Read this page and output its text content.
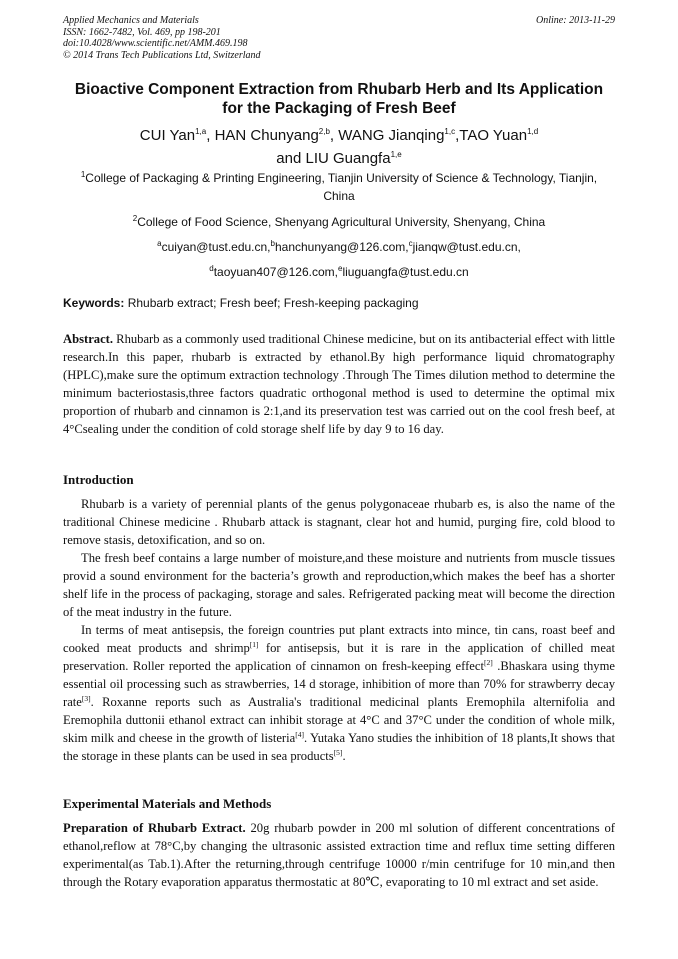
Applied Mechanics and Materials
ISSN: 1662-7482, Vol. 469, pp 198-201
doi:10.4028/www.scientific.net/AMM.469.198
© 2014 Trans Tech Publications Ltd, Switzerland
Online: 2013-11-29
Bioactive Component Extraction from Rhubarb Herb and Its Application
for the Packaging of Fresh Beef
CUI Yan$^{1,a}$, HAN Chunyang$^{2,b}$, WANG Jianqing$^{1,c}$,TAO Yuan$^{1,d}$
and LIU Guangfa$^{1,e}$
$^1$College of Packaging & Printing Engineering, Tianjin University of Science & Technology, Tianjin,
China
$^2$College of Food Science, Shenyang Agricultural University, Shenyang, China
$^a$cuiyan@tust.edu.cn,$^b$hanchunyang@126.com,$^c$jianqw@tust.edu.cn,
$^d$taoyuan407@126.com,$^e$liuguangfa@tust.edu.cn
Keywords: Rhubarb extract; Fresh beef; Fresh-keeping packaging

Abstract. Rhubarb as a commonly used traditional Chinese medicine, but on its antibacterial effect with little research.In this paper, rhubarb is extracted by ethanol.By high performance liquid chromatography (HPLC),make sure the optimum extraction technology .Through The Times dilution method to determine the minimum bacteriostasis,three factors quadratic orthogonal method is used to determine the optimal mix proportion of rhubarb and cinnamon is 2:1,and its preservation test was carried out on the cool fresh beef, at 4°Csealing under the condition of cold storage shelf life by day 9 to 16 day.

Introduction

Rhubarb is a variety of perennial plants of the genus polygonaceae rhubarb es, is also the name of the traditional Chinese medicine . Rhubarb attack is stagnant, clear hot and humid, purging fire, cold blood to remove stasis, detoxification, and so on.

The fresh beef contains a large number of moisture,and these moisture and nutrients from muscle tissues provid a sound environment for the bacteria’s growth and reproduction,which makes the beef has a shorter shelf life in the process of packaging, storage and sales. Refrigerated packing meat will become the direction of the meat industry in the future.

In terms of meat antisepsis, the foreign countries put plant extracts into mince, tin cans, roast beef and cooked meat products and shrimp[1] for antisepsis, but it is rare in the application of chilled meat preservation. Roller reported the application of cinnamon on fresh-keeping effect[2] .Bhaskara using thyme essential oil processing such as strawberries, 14 d storage, inhibition of more than 70% for strawberry decay rate[3]. Roxanne reports such as Australia's traditional medicinal plants Eremophila alternifolia and Eremophila duttonii ethanol extract can inhibit storage at 4°C and 37°C under the condition of whole milk, skim milk and cheese in the growth of listeria[4]. Yutaka Yano studies the inhibition of 18 plants,It shows that the storage in these plants can be used in sea products[5].

Experimental Materials and Methods

Preparation of Rhubarb Extract. 20g rhubarb powder in 200 ml solution of different concentrations of ethanol,reflow at 78°C,by changing the ultrasonic assisted extraction time and reflux time setting differen experimental(as Tab.1).After the returning,through centrifuge 10000 r/min centrifuge for 10 min,and then through the Rotary evaporation apparatus thermostatic at 80℃, evaporating to 10 ml extract and set aside.
